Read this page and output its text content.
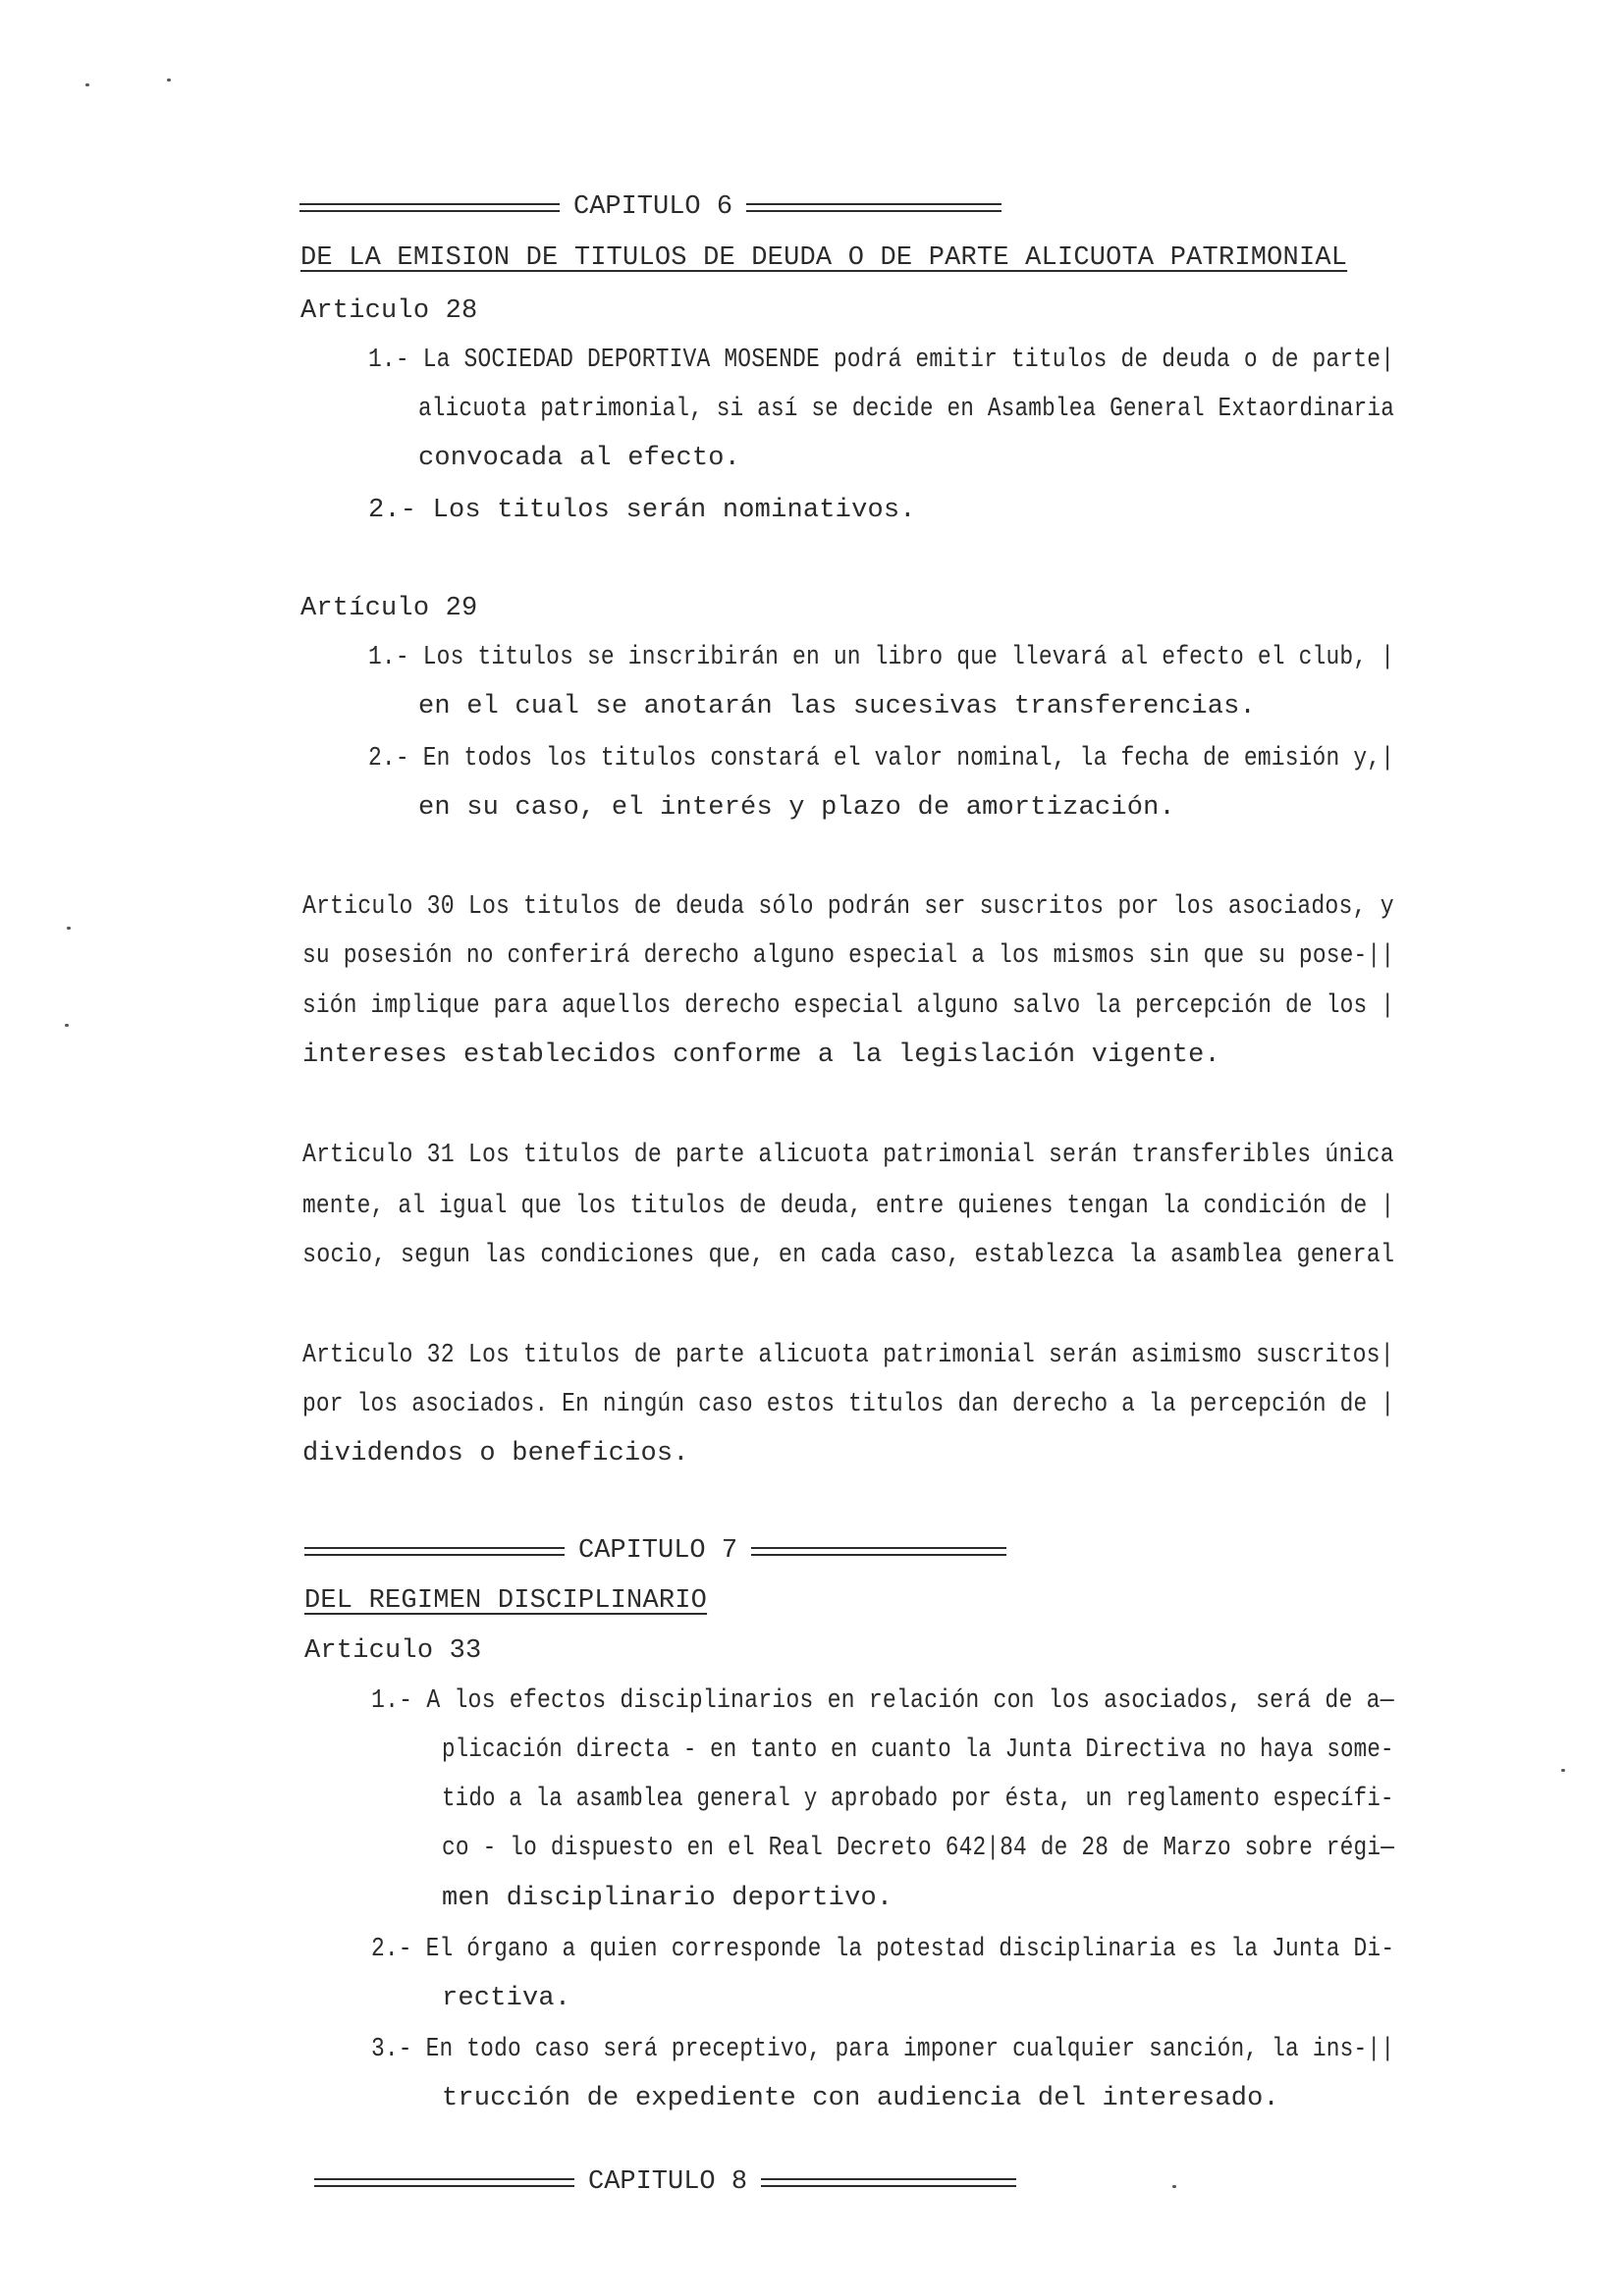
CAPITULO 6
DE LA EMISION DE TITULOS DE DEUDA O DE PARTE ALICUOTA PATRIMONIAL
Articulo 28
1.- La SOCIEDAD DEPORTIVA MOSENDE podrá emitir titulos de deuda o de parte|
alicuota patrimonial, si así se decide en Asamblea General Extaordinaria
convocada al efecto.
2.- Los titulos serán nominativos.
Artículo 29
1.- Los titulos se inscribirán en un libro que llevará al efecto el club, |
en el cual se anotarán las sucesivas transferencias.
2.- En todos los titulos constará el valor nominal, la fecha de emisión y,|
en su caso, el interés y plazo de amortización.
Articulo 30 Los titulos de deuda sólo podrán ser suscritos por los asociados, y
su posesión no conferirá derecho alguno especial a los mismos sin que su pose-||
sión implique para aquellos derecho especial alguno salvo la percepción de los |
intereses establecidos conforme a la legislación vigente.
Articulo 31 Los titulos de parte alicuota patrimonial serán transferibles única
mente, al igual que los titulos de deuda, entre quienes tengan la condición de |
socio, segun las condiciones que, en cada caso, establezca la asamblea general
Articulo 32 Los titulos de parte alicuota patrimonial serán asimismo suscritos|
por los asociados. En ningún caso estos titulos dan derecho a la percepción de |
dividendos o beneficios.
CAPITULO 7
DEL REGIMEN DISCIPLINARIO
Articulo 33
1.- A los efectos disciplinarios en relación con los asociados, será de a—
plicación directa - en tanto en cuanto la Junta Directiva no haya some-
tido a la asamblea general y aprobado por ésta, un reglamento específi-
co - lo dispuesto en el Real Decreto 642|84 de 28 de Marzo sobre régi—
men disciplinario deportivo.
2.- El órgano a quien corresponde la potestad disciplinaria es la Junta Di-
rectiva.
3.- En todo caso será preceptivo, para imponer cualquier sanción, la ins-||
trucción de expediente con audiencia del interesado.
CAPITULO 8
